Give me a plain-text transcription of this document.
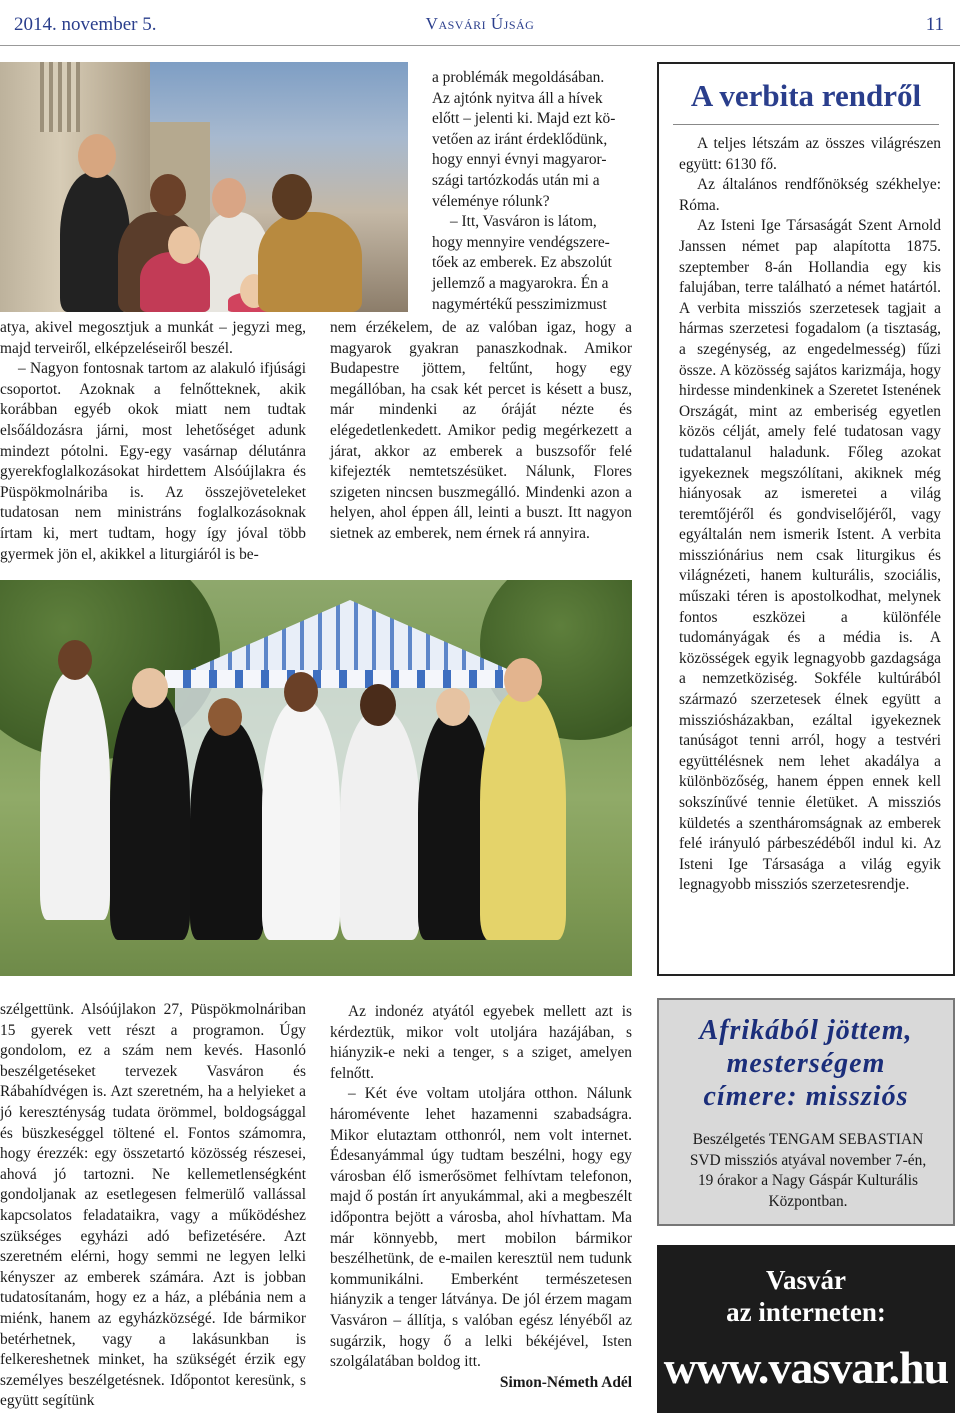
2014. november 5.	Vasvári Újság	11
a problémák megoldásában.
Az ajtónk nyitva áll a hívek
előtt – jelenti ki. Majd ezt kö-
vetően az iránt érdeklődünk,
hogy ennyi évnyi magyaror-
szági tartózkodás után mi a
véleménye rólunk?
– Itt, Vasváron is látom,
hogy mennyire vendégszere-
tőek az emberek. Ez abszolút
jellemző a magyarokra. Én a
nagymértékű pesszimizmust

nem érzékelem, de az valóban igaz, hogy a magyarok gyakran panaszkodnak. Amikor Budapestre jöttem, feltűnt, hogy egy megállóban, ha csak két percet is késett a busz, már mindenki az óráját nézte és elégedetlenkedett. Amikor pedig megérkezett a járat, akkor az emberek a buszsofőr felé kifejezték nemtetszésüket. Nálunk, Flores szigeten nincsen buszmegálló. Mindenki azon a helyen, ahol éppen áll, leinti a buszt. Itt nagyon sietnek az emberek, nem érnek rá annyira.

atya, akivel megosztjuk a munkát – jegyzi meg, majd terveiről, elképzeléseiről beszél.

– Nagyon fontosnak tartom az alakuló ifjúsági csoportot. Azoknak a felnőtteknek, akik korábban egyéb okok miatt nem tudtak elsőáldozásra járni, most lehetőséget adunk mindezt pótolni. Egy-egy vasárnap délutánra gyerekfoglalkozásokat hirdettem Alsóújlakra és Püspökmolnáriba is. Az összejöveteleket tudatosan nem ministráns foglalkozásoknak írtam ki, mert tudtam, hogy így jóval több gyermek jön el, akikkel a liturgiáról is be-

szélgettünk. Alsóújlakon 27, Püspökmolnáriban 15 gyerek vett részt a programon. Úgy gondolom, ez a szám nem kevés. Hasonló beszélgetéseket tervezek Vasváron és Rábahídvégen is. Azt szeretném, ha a helyieket a jó keresztényság tudata örömmel, boldogsággal és büszkeséggel töltené el. Fontos számomra, hogy érezzék: egy összetartó közösség részesei, ahová jó tartozni. Ne kellemetlenségként gondoljanak az esetlegesen felmerülő vallással kapcsolatos feladataikra, vagy a működéshez szükséges egyházi adó befizetésére. Azt szeretném elérni, hogy semmi ne legyen lelki kényszer az emberek számára. Azt is jobban tudatosítanám, hogy ez a ház, a plébánia nem a miénk, hanem az egyházközségé. Ide bármikor betérhetnek, vagy a lakásunkban is felkereshetnek minket, ha szükségét érzik egy személyes beszélgetésnek. Időpontot keresünk, s együtt segítünk

Az indonéz atyától egyebek mellett azt is kérdeztük, mikor volt utoljára hazájában, s hiányzik-e neki a tenger, s a sziget, amelyen felnőtt.

– Két éve voltam utoljára otthon. Nálunk háromévente lehet hazamenni szabadságra. Mikor elutaztam otthonról, nem volt internet. Édesanyámmal úgy tudtam beszélni, hogy egy városban élő ismerősömet felhívtam telefonon, majd ő postán írt anyukámmal, aki a megbeszélt időpontra bejött a városba, ahol hívhattam. Ma már könnyebb, mert mobilon bármikor beszélhetünk, de e-mailen keresztül nem tudunk kommunikálni. Emberként természetesen hiányzik a tenger látványa. De jól érzem magam Vasváron – állítja, s valóban egész lényéből az sugárzik, hogy ő a lelki békéjével, Isten szolgálatában boldog itt.

Simon-Németh Adél

A verbita rendről

A teljes létszám az összes világrészen együtt: 6130 fő.

Az általános rendfőnökség székhelye: Róma.

Az Isteni Ige Társaságát Szent Arnold Janssen német pap alapította 1875. szeptember 8-án Hollandia egy kis falujában, terre található a német határtól. A verbita missziós szerzetesek tagjait a hármas szerzetesi fogadalom (a tisztaság, a szegénység, az engedelmesség) fűzi össze. A közösség sajátos karizmája, hogy hirdesse mindenkinek a Szeretet Istenének Országát, mint az emberiség egyetlen közös célját, amely felé tudatosan vagy tudattalanul haladunk. Főleg azokat igyekeznek megszólítani, akiknek még hiányosak az ismeretei a világ teremtőjéről és gondviselőjéről, vagy egyáltalán nem ismerik Istent. A verbita missziónárius nem csak liturgikus és világnézeti, hanem kulturális, szociális, műszaki téren is apostolkodhat, melynek fontos eszközei a különféle tudományágak és a média is. A közösségek egyik legnagyobb gazdagsága a nemzetköziség. Sokféle kultúrából származó szerzetesek élnek együtt a missziósházakban, ezáltal igyekeznek tanúságot tenni arról, hogy a testvéri együttélésnek nem lehet akadálya a különbözőség, hanem éppen ennek kell sokszínűvé tennie életüket. A missziós küldetés a szentháromságnak az emberek felé irányuló párbeszédéből indul ki. Az Isteni Ige Társasága a világ egyik legnagyobb missziós szerzetesrendje.

Afrikából jöttem,
mesterségem
címere: missziós
Beszélgetés TENGAM SEBASTIAN SVD missziós atyával november 7-én, 19 órakor a Nagy Gáspár Kulturális Központban.
Vasvár
az interneten:
www.vasvar.hu
